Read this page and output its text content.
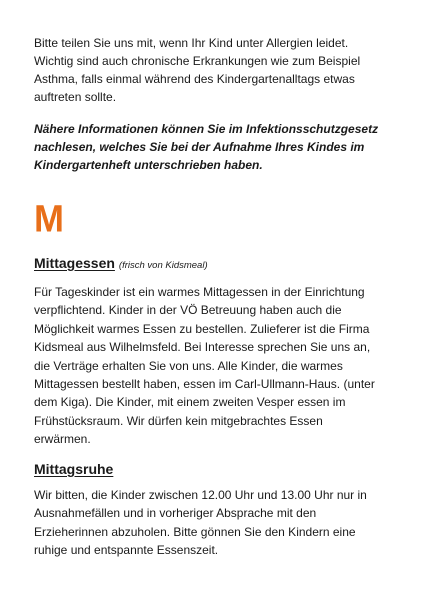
Bitte teilen Sie uns mit, wenn Ihr Kind unter Allergien leidet.
Wichtig sind auch chronische Erkrankungen wie zum Beispiel
Asthma, falls einmal während des Kindergartenalltags etwas
auftreten sollte.

Nähere Informationen können Sie im Infektionsschutzgesetz
nachlesen, welches Sie bei der Aufnahme Ihres Kindes im
Kindergartenheft unterschrieben haben.

M
Mittagessen (frisch von Kidsmeal)

Für Tageskinder ist ein warmes Mittagessen in der Einrichtung
verpflichtend. Kinder in der VÖ Betreuung haben auch die
Möglichkeit warmes Essen zu bestellen. Zulieferer ist die Firma
Kidsmeal aus Wilhelmsfeld. Bei Interesse sprechen Sie uns an,
die Verträge erhalten Sie von uns. Alle Kinder, die warmes
Mittagessen bestellt haben, essen im Carl-Ullmann-Haus. (unter
dem Kiga). Die Kinder, mit einem zweiten Vesper essen im
Frühstücksraum. Wir dürfen kein mitgebrachtes Essen
erwärmen.

Mittagsruhe

Wir bitten, die Kinder zwischen 12.00 Uhr und 13.00 Uhr nur in
Ausnahmefällen und in vorheriger Absprache mit den
Erzieherinnen abzuholen. Bitte gönnen Sie den Kindern eine
ruhige und entspannte Essenszeit.
